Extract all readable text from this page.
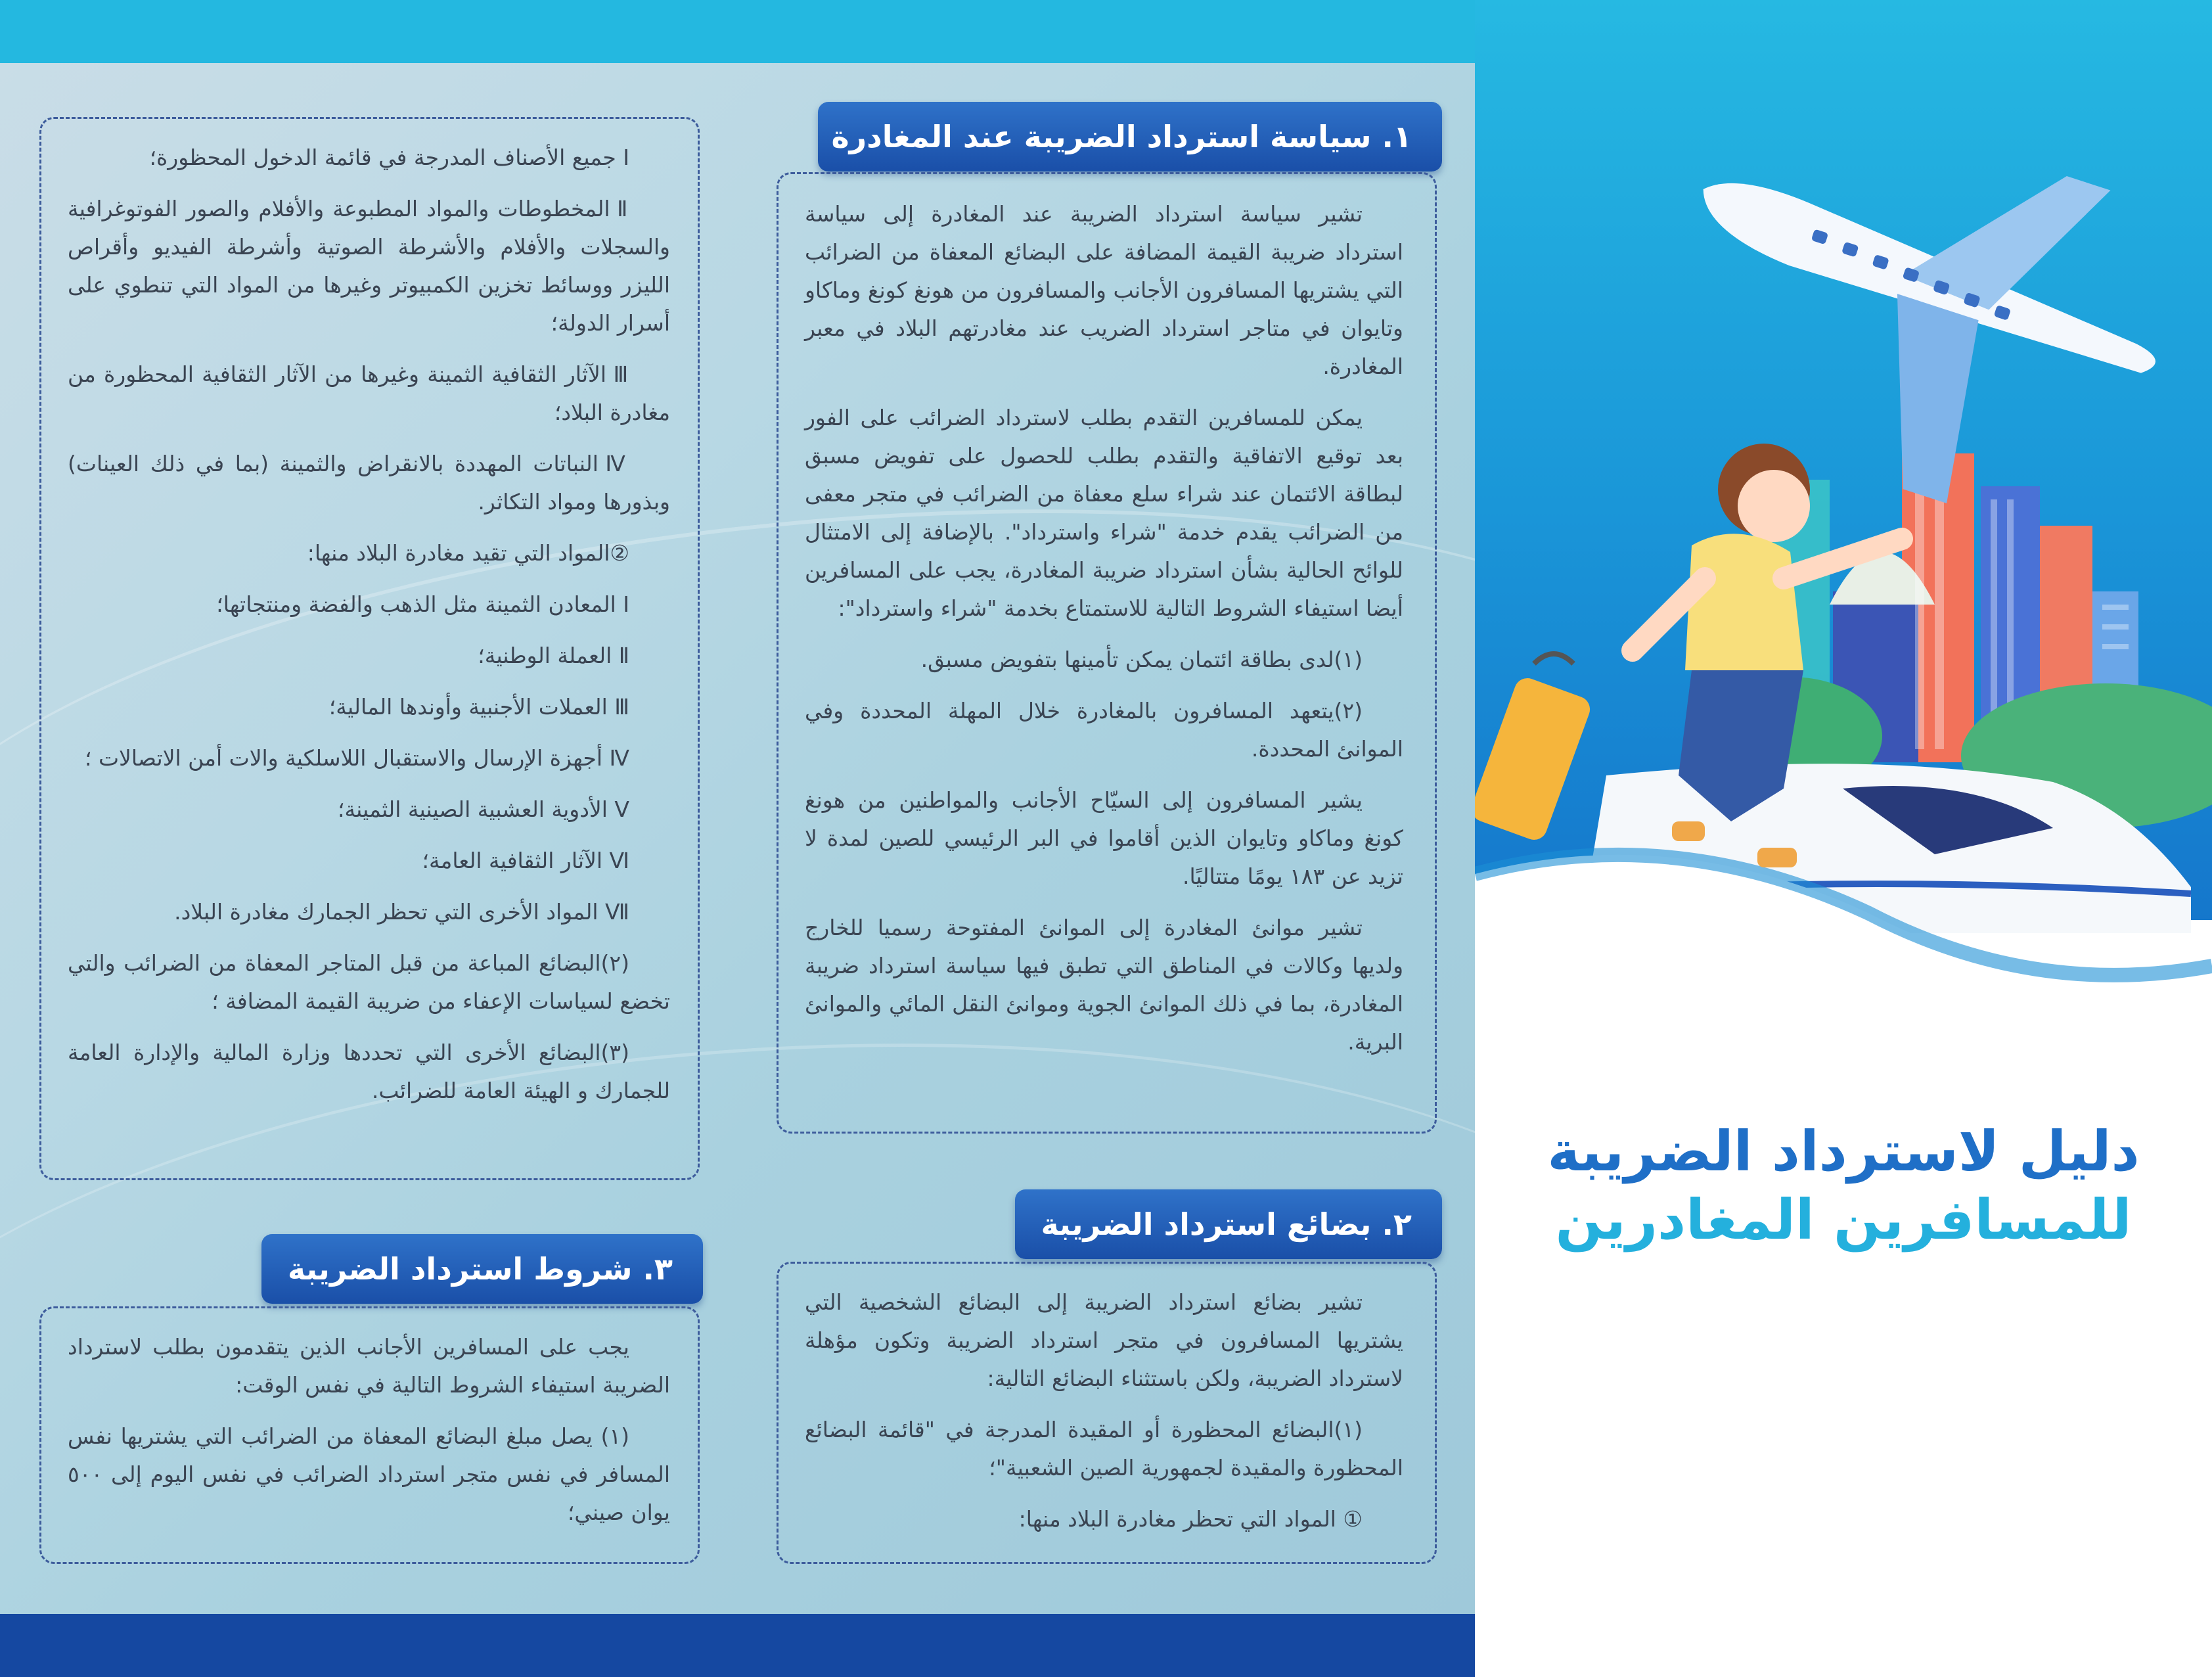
دليل لاسترداد الضريبة
للمسافرين المغادرين
١. سياسة استرداد الضريبة عند المغادرة

تشير سياسة استرداد الضريبة عند المغادرة إلى سياسة استرداد ضريبة القيمة المضافة على البضائع المعفاة من الضرائب التي يشتريها المسافرون الأجانب والمسافرون من هونغ كونغ وماكاو وتايوان في متاجر استرداد الضريب عند مغادرتهم البلاد في معبر المغادرة.

يمكن للمسافرين التقدم بطلب لاسترداد الضرائب على الفور بعد توقيع الاتفاقية والتقدم بطلب للحصول على تفويض مسبق لبطاقة الائتمان عند شراء سلع معفاة من الضرائب في متجر معفى من الضرائب يقدم خدمة "شراء واسترداد". بالإضافة إلى الامتثال للوائح الحالية بشأن استرداد ضريبة المغادرة، يجب على المسافرين أيضا استيفاء الشروط التالية للاستمتاع بخدمة "شراء واسترداد":

(١)لدى بطاقة ائتمان يمكن تأمينها بتفويض مسبق.

(٢)يتعهد المسافرون بالمغادرة خلال المهلة المحددة وفي الموانئ المحددة.

يشير المسافرون إلى السيّاح الأجانب والمواطنين من هونغ كونغ وماكاو وتايوان الذين أقاموا في البر الرئيسي للصين لمدة لا تزيد عن ١٨٣ يومًا متتاليًا.

تشير موانئ المغادرة إلى الموانئ المفتوحة رسميا للخارج ولديها وكالات في المناطق التي تطبق فيها سياسة استرداد ضريبة المغادرة، بما في ذلك الموانئ الجوية وموانئ النقل المائي والموانئ البرية.

٢. بضائع استرداد الضريبة

تشير بضائع استرداد الضريبة إلى البضائع الشخصية التي يشتريها المسافرون في متجر استرداد الضريبة وتكون مؤهلة لاسترداد الضريبة، ولكن باستثناء البضائع التالية:

(١)البضائع المحظورة أو المقيدة المدرجة في "قائمة البضائع المحظورة والمقيدة لجمهورية الصين الشعبية"؛

① المواد التي تحظر مغادرة البلاد منها:

Ⅰ جميع الأصناف المدرجة في قائمة الدخول المحظورة؛

Ⅱ المخطوطات والمواد المطبوعة والأفلام والصور الفوتوغرافية والسجلات والأفلام والأشرطة الصوتية وأشرطة الفيديو وأقراص الليزر ووسائط تخزين الكمبيوتر وغيرها من المواد التي تنطوي على أسرار الدولة؛

Ⅲ الآثار الثقافية الثمينة وغيرها من الآثار الثقافية المحظورة من مغادرة البلاد؛

Ⅳ النباتات المهددة بالانقراض والثمينة (بما في ذلك العينات) وبذورها ومواد التكاثر.

②المواد التي تقيد مغادرة البلاد منها:

Ⅰ المعادن الثمينة مثل الذهب والفضة ومنتجاتها؛

Ⅱ العملة الوطنية؛

Ⅲ العملات الأجنبية وأوندها المالية؛

Ⅳ أجهزة الإرسال والاستقبال اللاسلكية والات أمن الاتصالات ؛

Ⅴ الأدوية العشبية الصينية الثمينة؛

Ⅵ الآثار الثقافية العامة؛

Ⅶ المواد الأخرى التي تحظر الجمارك مغادرة البلاد.

(٢)البضائع المباعة من قبل المتاجر المعفاة من الضرائب والتي تخضع لسياسات الإعفاء من ضريبة القيمة المضافة ؛

(٣)البضائع الأخرى التي تحددها وزارة المالية والإدارة العامة للجمارك و الهيئة العامة للضرائب.

٣. شروط استرداد الضريبة

يجب على المسافرين الأجانب الذين يتقدمون بطلب لاسترداد الضريبة استيفاء الشروط التالية في نفس الوقت:

(١) يصل مبلغ البضائع المعفاة من الضرائب التي يشتريها نفس المسافر في نفس متجر استرداد الضرائب في نفس اليوم إلى ٥٠٠ يوان صيني؛
